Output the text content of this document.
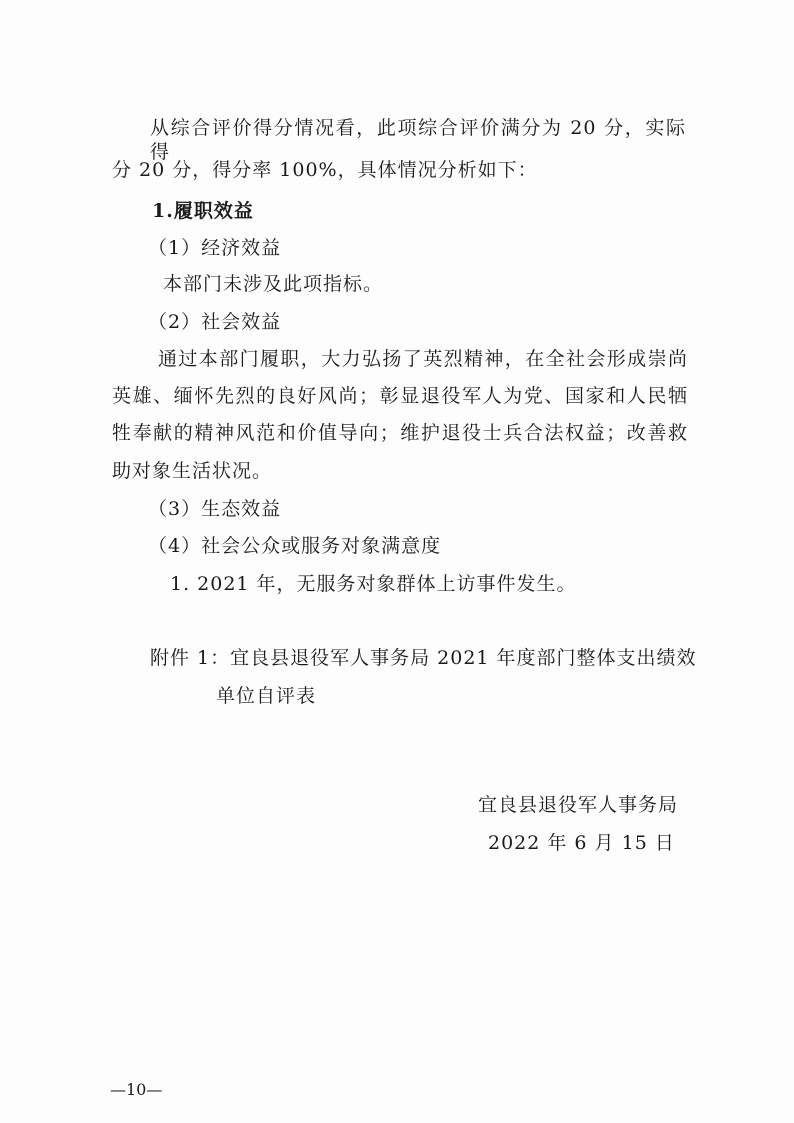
从综合评价得分情况看，此项综合评价满分为 20 分，实际得
分 20 分，得分率 100%，具体情况分析如下：
1.履职效益
（1）经济效益
本部门未涉及此项指标。
（2）社会效益
通过本部门履职，大力弘扬了英烈精神，在全社会形成崇尚
英雄、缅怀先烈的良好风尚；彰显退役军人为党、国家和人民牺
牲奉献的精神风范和价值导向；维护退役士兵合法权益；改善救
助对象生活状况。
（3）生态效益
（4）社会公众或服务对象满意度
1. 2021 年，无服务对象群体上访事件发生。
附件 1：宜良县退役军人事务局 2021 年度部门整体支出绩效
单位自评表
宜良县退役军人事务局
2022 年 6 月 15 日
—10—
